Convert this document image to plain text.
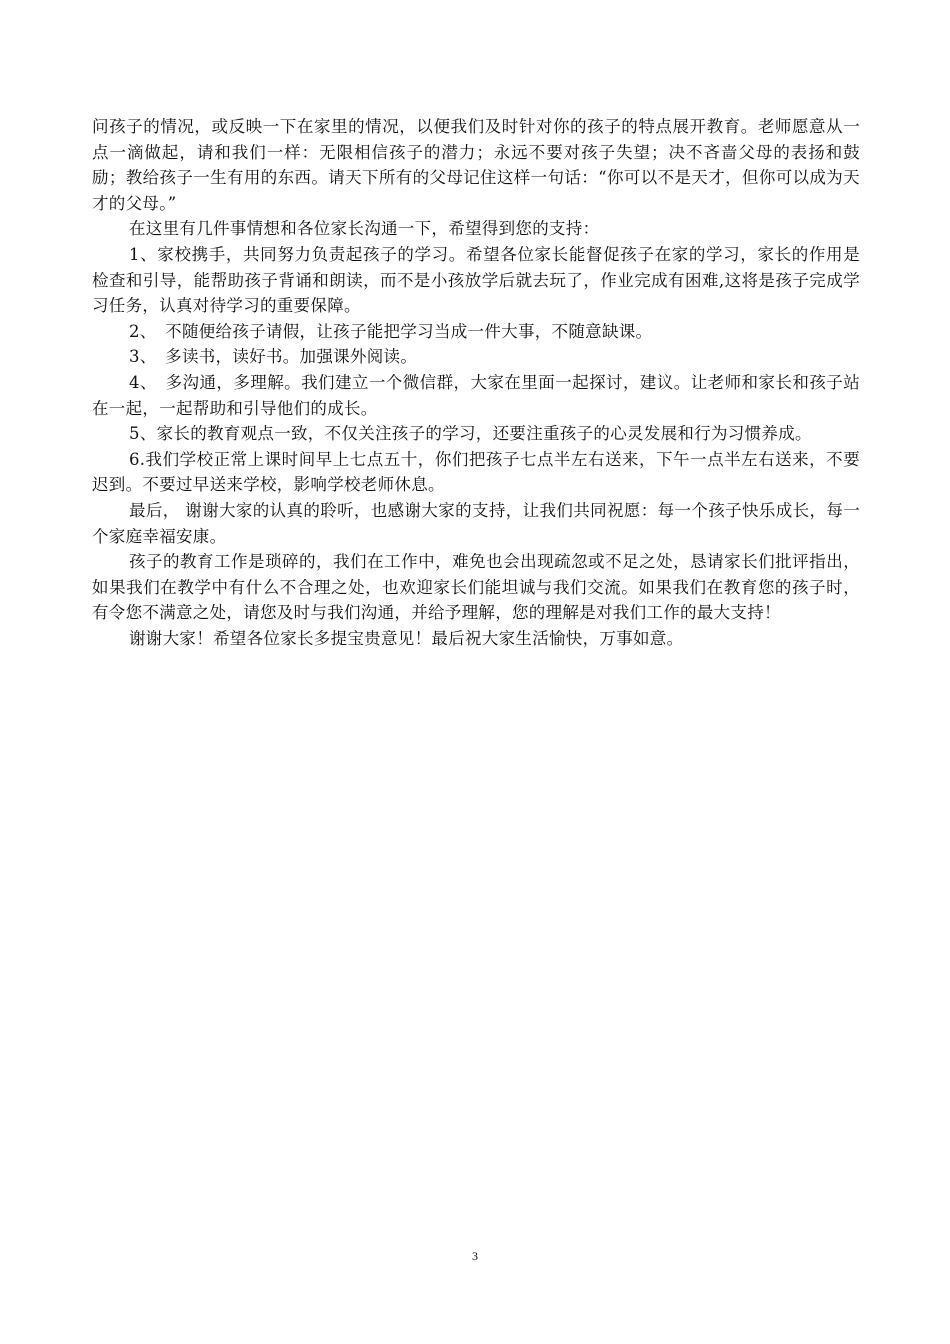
问孩子的情况，或反映一下在家里的情况，以便我们及时针对你的孩子的特点展开教育。老师愿意从一点一滴做起，请和我们一样：无限相信孩子的潜力；永远不要对孩子失望；决不吝啬父母的表扬和鼓励；教给孩子一生有用的东西。请天下所有的父母记住这样一句话：“你可以不是天才，但你可以成为天才的父母。”

在这里有几件事情想和各位家长沟通一下，希望得到您的支持：

1、家校携手，共同努力负责起孩子的学习。希望各位家长能督促孩子在家的学习，家长的作用是检查和引导，能帮助孩子背诵和朗读，而不是小孩放学后就去玩了，作业完成有困难,这将是孩子完成学习任务，认真对待学习的重要保障。

2、　不随便给孩子请假，让孩子能把学习当成一件大事，不随意缺课。

3、　多读书，读好书。加强课外阅读。

4、　多沟通，多理解。我们建立一个微信群，大家在里面一起探讨，建议。让老师和家长和孩子站在一起，一起帮助和引导他们的成长。

5、家长的教育观点一致，不仅关注孩子的学习，还要注重孩子的心灵发展和行为习惯养成。

6.我们学校正常上课时间早上七点五十，你们把孩子七点半左右送来，下午一点半左右送来，不要迟到。不要过早送来学校，影响学校老师休息。

最后， 谢谢大家的认真的聆听，也感谢大家的支持，让我们共同祝愿：每一个孩子快乐成长，每一个家庭幸福安康。

孩子的教育工作是琐碎的，我们在工作中，难免也会出现疏忽或不足之处，恳请家长们批评指出，如果我们在教学中有什么不合理之处，也欢迎家长们能坦诚与我们交流。如果我们在教育您的孩子时，有令您不满意之处，请您及时与我们沟通，并给予理解，您的理解是对我们工作的最大支持！

谢谢大家！希望各位家长多提宝贵意见！最后祝大家生活愉快，万事如意。

3
